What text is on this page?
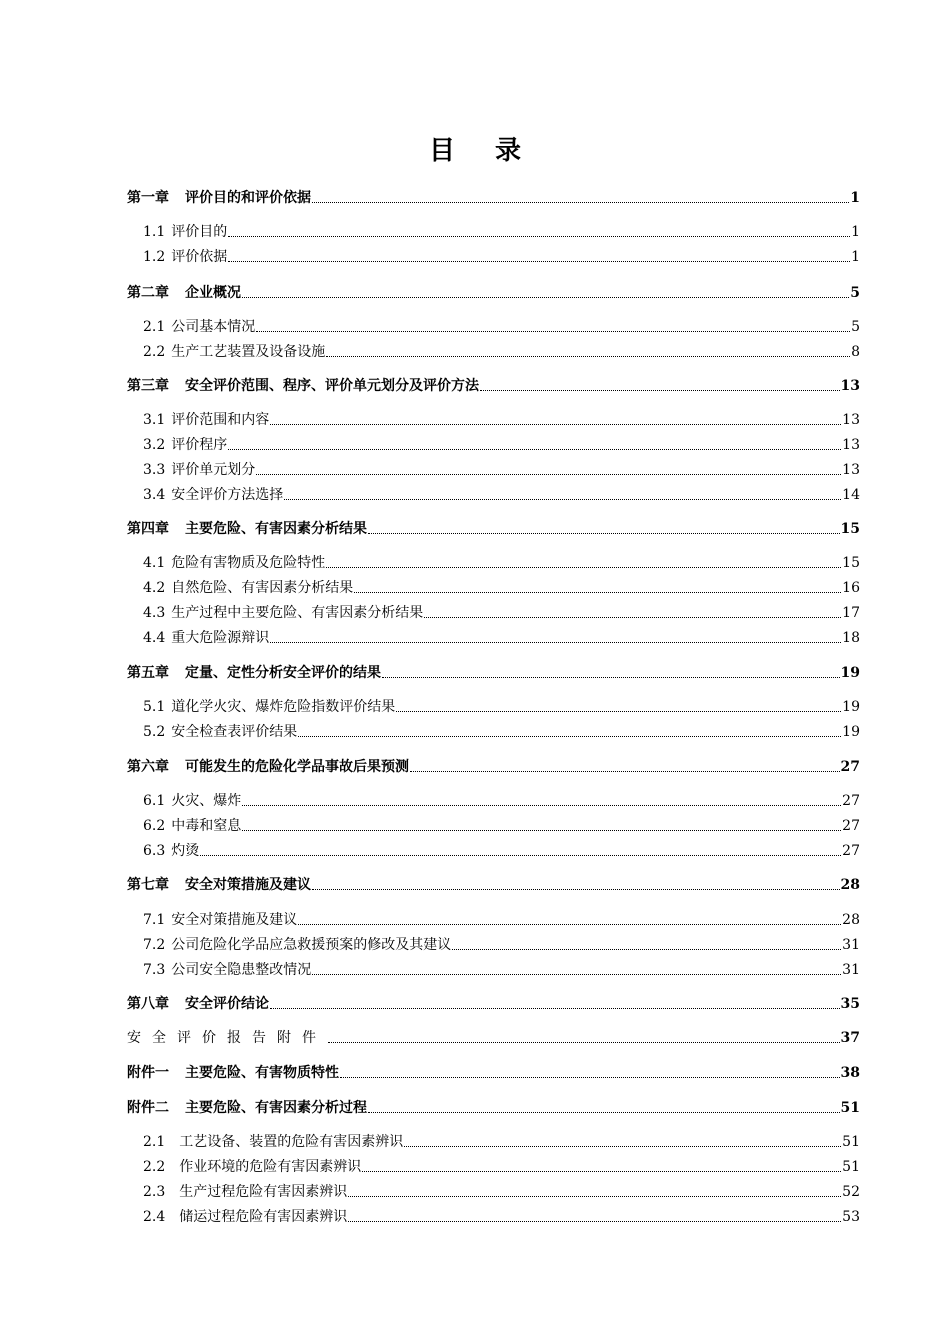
目 录
第一章 评价目的和评价依据	1
1.1 评价目的	1
1.2 评价依据	1
第二章 企业概况	5
2.1 公司基本情况	5
2.2 生产工艺装置及设备设施	8
第三章 安全评价范围、程序、评价单元划分及评价方法	13
3.1 评价范围和内容	13
3.2 评价程序	13
3.3 评价单元划分	13
3.4 安全评价方法选择	14
第四章 主要危险、有害因素分析结果	15
4.1 危险有害物质及危险特性	15
4.2 自然危险、有害因素分析结果	16
4.3 生产过程中主要危险、有害因素分析结果	17
4.4 重大危险源辩识	18
第五章 定量、定性分析安全评价的结果	19
5.1 道化学火灾、爆炸危险指数评价结果	19
5.2 安全检查表评价结果	19
第六章 可能发生的危险化学品事故后果预测	27
6.1 火灾、爆炸	27
6.2 中毒和窒息	27
6.3 灼烫	27
第七章 安全对策措施及建议	28
7.1 安全对策措施及建议	28
7.2 公司危险化学品应急救援预案的修改及其建议	31
7.3 公司安全隐患整改情况	31
第八章 安全评价结论	35
安全评价报告附件	37
附件一 主要危险、有害物质特性	38
附件二 主要危险、有害因素分析过程	51
2.1 工艺设备、装置的危险有害因素辨识	51
2.2 作业环境的危险有害因素辨识	51
2.3 生产过程危险有害因素辨识	52
2.4 储运过程危险有害因素辨识	53
